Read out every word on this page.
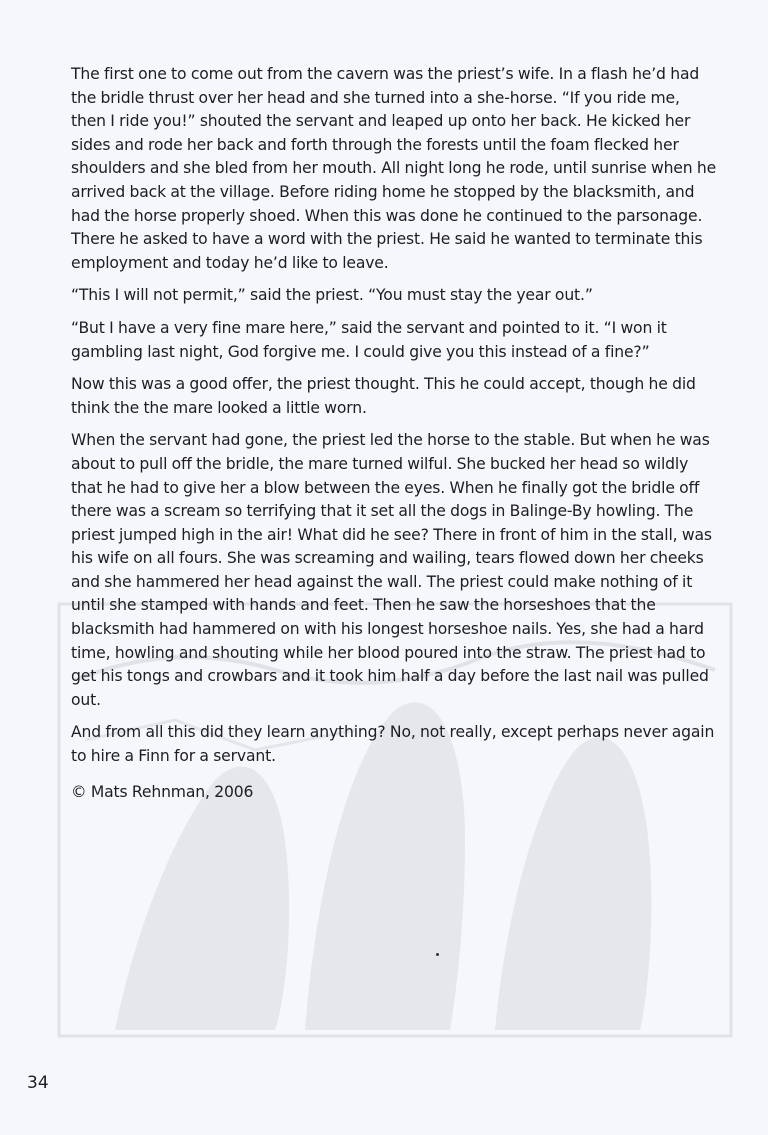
The first one to come out from the cavern was the priest’s wife. In a flash he’d had the bridle thrust over her head and she turned into a she-horse. “If you ride me, then I ride you!” shouted the servant and leaped up onto her back. He kicked her sides and rode her back and forth through the forests until the foam flecked her shoulders and she bled from her mouth. All night long he rode, until sunrise when he arrived back at the village. Before riding home he stopped by the blacksmith, and had the horse properly shoed. When this was done he continued to the parsonage. There he asked to have a word with the priest. He said he wanted to terminate this employment and today he’d like to leave.

“This I will not permit,” said the priest. “You must stay the year out.”

“But I have a very fine mare here,” said the servant and pointed to it. “I won it gambling last night, God forgive me. I could give you this instead of a fine?”

Now this was a good offer, the priest thought. This he could accept, though he did think the the mare looked a little worn.

When the servant had gone, the priest led the horse to the stable. But when he was about to pull off the bridle, the mare turned wilful. She bucked her head so wildly that he had to give her a blow between the eyes. When he finally got the bridle off there was a scream so terrifying that it set all the dogs in Balinge-By howling. The priest jumped high in the air! What did he see? There in front of him in the stall, was his wife on all fours. She was screaming and wailing, tears flowed down her cheeks and she hammered her head against the wall. The priest could make nothing of it until she stamped with hands and feet. Then he saw the horseshoes that the blacksmith had hammered on with his longest horseshoe nails. Yes, she had a hard time, howling and shouting while her blood poured into the straw. The priest had to get his tongs and crowbars and it took him half a day before the last nail was pulled out.

And from all this did they learn anything? No, not really, except perhaps never again to hire a Finn for a servant.

© Mats Rehnman, 2006

34
